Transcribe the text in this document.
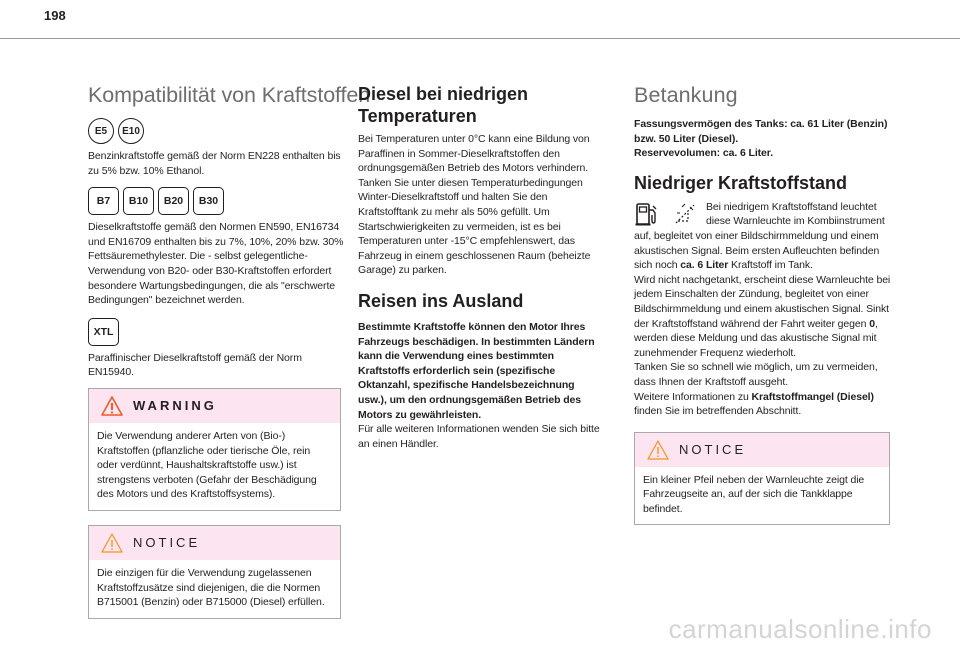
198
Kompatibilität von Kraftstoffen
E5	E10

Benzinkraftstoffe gemäß der Norm EN228 enthalten bis zu 5% bzw. 10% Ethanol.

B7	B10	B20	B30

Dieselkraftstoffe gemäß den Normen EN590, EN16734 und EN16709 enthalten bis zu 7%, 10%, 20% bzw. 30% Fettsäuremethylester. Die - selbst gelegentliche- Verwendung von B20- oder B30-Kraftstoffen erfordert besondere Wartungsbedingungen, die als "erschwerte Bedingungen" bezeichnet werden.

XTL

Paraffinischer Dieselkraftstoff gemäß der Norm EN15940.

WARNING

Die Verwendung anderer Arten von (Bio-) Kraftstoffen (pflanzliche oder tierische Öle, rein oder verdünnt, Haushaltskraftstoffe usw.) ist strengstens verboten (Gefahr der Beschädigung des Motors und des Kraftstoffsystems).

NOTICE

Die einzigen für die Verwendung zugelassenen Kraftstoffzusätze sind diejenigen, die die Normen B715001 (Benzin) oder B715000 (Diesel) erfüllen.

Diesel bei niedrigen
Temperaturen

Bei Temperaturen unter 0°C kann eine Bildung von Paraffinen in Sommer-Dieselkraftstoffen den ordnungsgemäßen Betrieb des Motors verhindern. Tanken Sie unter diesen Temperaturbedingungen Winter-Dieselkraftstoff und halten Sie den Kraftstofftank zu mehr als 50% gefüllt. Um Startschwierigkeiten zu vermeiden, ist es bei Temperaturen unter -15°C empfehlenswert, das Fahrzeug in einem geschlossenen Raum (beheizte Garage) zu parken.

Reisen ins Ausland

Bestimmte Kraftstoffe können den Motor Ihres Fahrzeugs beschädigen. In bestimmten Ländern kann die Verwendung eines bestimmten Kraftstoffs erforderlich sein (spezifische Oktanzahl, spezifische Handelsbezeichnung usw.), um den ordnungsgemäßen Betrieb des Motors zu gewährleisten.

Für alle weiteren Informationen wenden Sie sich bitte an einen Händler.

Betankung

Fassungsvermögen des Tanks: ca. 61 Liter (Benzin) bzw. 50 Liter (Diesel).

Reservevolumen: ca. 6 Liter.

Niedriger Kraftstoffstand

Bei niedrigem Kraftstoffstand leuchtet diese Warnleuchte im Kombiinstrument auf, begleitet von einer Bildschirmmeldung und einem akustischen Signal. Beim ersten Aufleuchten befinden sich noch ca. 6 Liter Kraftstoff im Tank.
Wird nicht nachgetankt, erscheint diese Warnleuchte bei jedem Einschalten der Zündung, begleitet von einer Bildschirmmeldung und einem akustischen Signal. Sinkt der Kraftstoffstand während der Fahrt weiter gegen 0, werden diese Meldung und das akustische Signal mit zunehmender Frequenz wiederholt.
Tanken Sie so schnell wie möglich, um zu vermeiden, dass Ihnen der Kraftstoff ausgeht.
Weitere Informationen zu Kraftstoffmangel (Diesel) finden Sie im betreffenden Abschnitt.

NOTICE

Ein kleiner Pfeil neben der Warnleuchte zeigt die Fahrzeugseite an, auf der sich die Tankklappe befindet.

carmanualsonline.info
